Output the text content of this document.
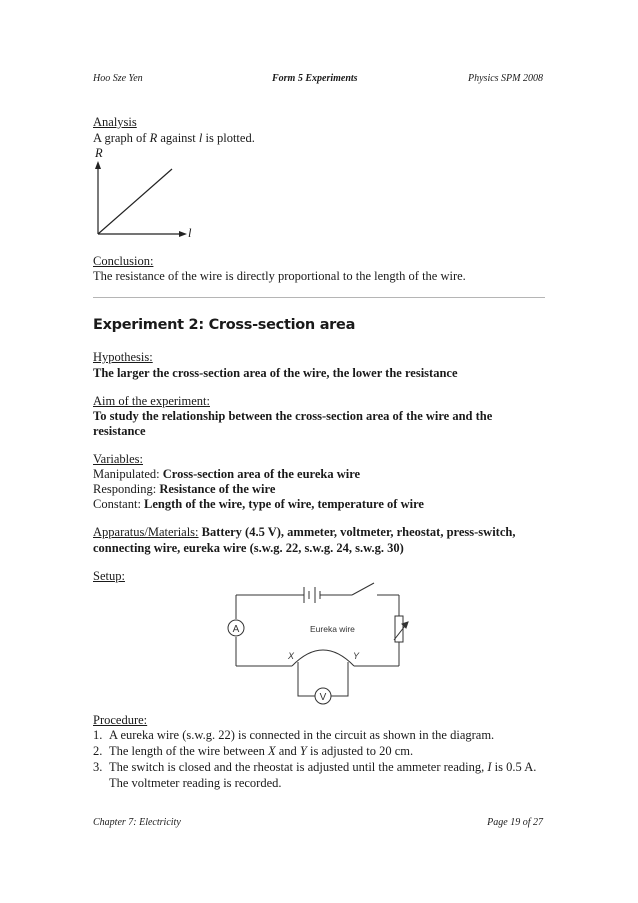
Hoo Sze Yen	Form 5 Experiments	Physics SPM 2008
Analysis
A graph of R against l is plotted.
R
l
Conclusion:
The resistance of the wire is directly proportional to the length of the wire.
Experiment 2: Cross-section area
Hypothesis:
The larger the cross-section area of the wire, the lower the resistance
Aim of the experiment:
To study the relationship between the cross-section area of the wire and the
resistance
Variables:
Manipulated: Cross-section area of the eureka wire
Responding: Resistance of the wire
Constant: Length of the wire, type of wire, temperature of wire
Apparatus/Materials: Battery (4.5 V), ammeter, voltmeter, rheostat, press-switch,
connecting wire, eureka wire (s.w.g. 22, s.w.g. 24, s.w.g. 30)
Setup:
A
V
Eureka wire
X	Y
Procedure:
1. A eureka wire (s.w.g. 22) is connected in the circuit as shown in the diagram.
2. The length of the wire between X and Y is adjusted to 20 cm.
3. The switch is closed and the rheostat is adjusted until the ammeter reading, I is 0.5 A.
The voltmeter reading is recorded.
Chapter 7: Electricity	Page 19 of 27
